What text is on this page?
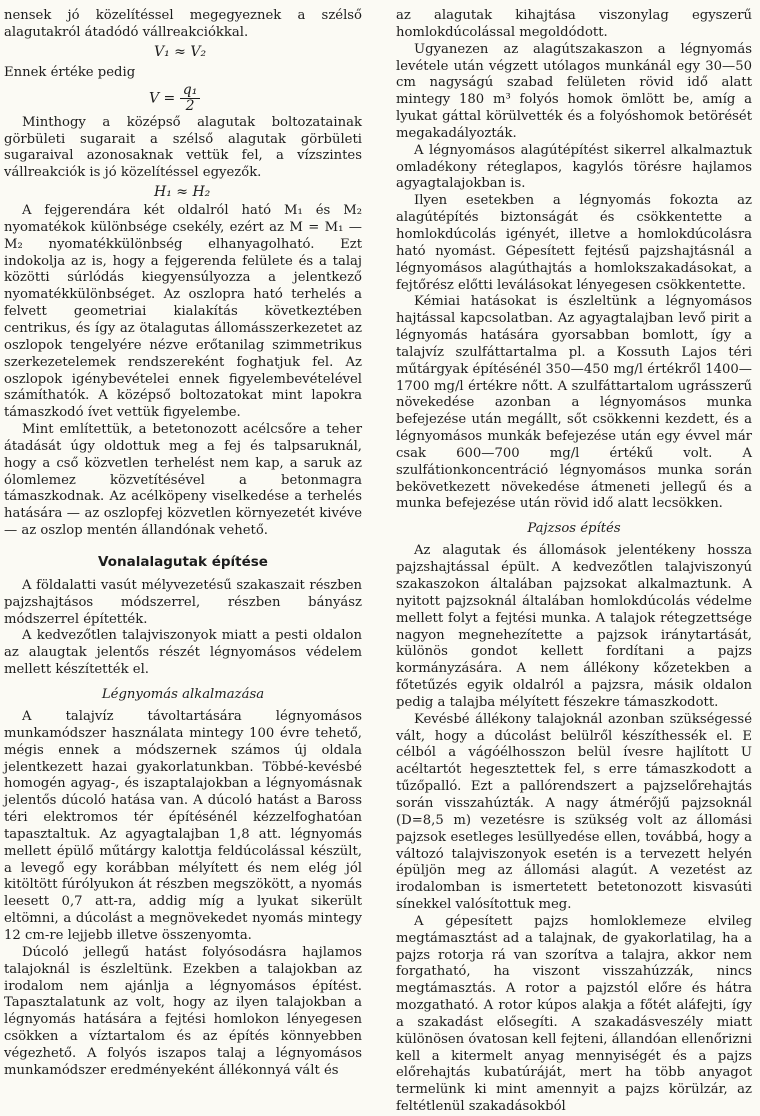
nensek jó közelítéssel megegyeznek a szélső alagutakról átadódó vállreakciókkal.

V₁ ≈ V₂

Ennek értéke pedig

$V = \frac{\text{q₁}}{2}$

Minthogy a középső alagutak boltozatainak görbületi sugarait a szélső alagutak görbületi sugaraival azonosaknak vettük fel, a vízszintes vállreakciók is jó közelítéssel egyezők.

H₁ ≈ H₂

A fejgerendára két oldalról ható M₁ és M₂ nyomatékok különbsége csekély, ezért az M = M₁ — M₂ nyomatékkülönbség elhanyagolható. Ezt indokolja az is, hogy a fejgerenda felülete és a talaj közötti súrlódás kiegyensúlyozza a jelentkező nyomatékkülönbséget. Az oszlopra ható terhelés a felvett geometriai kialakítás következtében centrikus, és így az ötalagutas állomásszerkezetet az oszlopok tengelyére nézve erőtanilag szimmetrikus szerkezetelemek rendszereként foghatjuk fel. Az oszlopok igénybevételei ennek figyelembevételével számíthatók. A középső boltozatokat mint lapokra támaszkodó ívet vettük figyelembe.

Mint említettük, a betetonozott acélcsőre a teher átadását úgy oldottuk meg a fej és talpsaruknál, hogy a cső közvetlen terhelést nem kap, a saruk az ólomlemez közvetítésével a betonmagra támaszkodnak. Az acélköpeny viselkedése a terhelés hatására — az oszlopfej közvetlen környezetét kivéve — az oszlop mentén állandónak vehető.

Vonalalagutak építése

A földalatti vasút mélyvezetésű szakaszait részben pajzshajtásos módszerrel, részben bányász módszerrel építették.

A kedvezőtlen talajviszonyok miatt a pesti oldalon az alaugtak jelentős részét légnyomásos védelem mellett készítették el.

Légnyomás alkalmazása

A talajvíz távoltartására légnyomásos munkamódszer használata mintegy 100 évre tehető, mégis ennek a módszernek számos új oldala jelentkezett hazai gyakorlatunkban. Többé-kevésbé homogén agyag-, és iszaptalajokban a légnyomásnak jelentős dúcoló hatása van. A dúcoló hatást a Baross téri elektromos tér építésénél kézzelfoghatóan tapasztaltuk. Az agyagtalajban 1,8 att. légnyomás mellett épülő műtárgy kalottja feldúcolással készült, a levegő egy korábban mélyített és nem elég jól kitöltött fúrólyukon át részben megszökött, a nyomás leesett 0,7 att-ra, addig míg a lyukat sikerült eltömni, a dúcolást a megnövekedet nyomás mintegy 12 cm-re lejjebb illetve összenyomta.

Dúcoló jellegű hatást folyósodásra hajlamos talajoknál is észleltünk. Ezekben a talajokban az irodalom nem ajánlja a légnyomásos építést. Tapasztalatunk az volt, hogy az ilyen talajokban a légnyomás hatására a fejtési homlokon lényegesen csökken a víztartalom és az építés könnyebben végezhető. A folyós iszapos talaj a légnyomásos munkamódszer eredményeként állékonnyá vált és

az alagutak kihajtása viszonylag egyszerű homlokdúcolással megoldódott.

Ugyanezen az alagútszakaszon a légnyomás levétele után végzett utólagos munkánál egy 30—50 cm nagyságú szabad felületen rövid idő alatt mintegy 180 m³ folyós homok ömlött be, amíg a lyukat gáttal körülvették és a folyóshomok betörését megakadályozták.

A légnyomásos alagútépítést sikerrel alkalmaztuk omladékony réteglapos, kagylós törésre hajlamos agyagtalajokban is.

Ilyen esetekben a légnyomás fokozta az alagútépítés biztonságát és csökkentette a homlokdúcolás igényét, illetve a homlokdúcolásra ható nyomást. Gépesített fejtésű pajzshajtásnál a légnyomásos alagúthajtás a homlokszakadásokat, a fejtőrész előtti leválásokat lényegesen csökkentette.

Kémiai hatásokat is észleltünk a légnyomásos hajtással kapcsolatban. Az agyagtalajban levő pirit a légnyomás hatására gyorsabban bomlott, így a talajvíz szulfáttartalma pl. a Kossuth Lajos téri műtárgyak építésénél 350—450 mg/l értékről 1400—1700 mg/l értékre nőtt. A szulfáttartalom ugrásszerű növekedése azonban a légnyomásos munka befejezése után megállt, sőt csökkenni kezdett, és a légnyomásos munkák befejezése után egy évvel már csak 600—700 mg/l értékű volt. A szulfátionkoncentráció légnyomásos munka során bekövetkezett növekedése átmeneti jellegű és a munka befejezése után rövid idő alatt lecsökken.

Pajzsos építés

Az alagutak és állomások jelentékeny hossza pajzshajtással épült. A kedvezőtlen talajviszonyú szakaszokon általában pajzsokat alkalmaztunk. A nyitott pajzsoknál általában homlokdúcolás védelme mellett folyt a fejtési munka. A talajok rétegzettsége nagyon megnehezítette a pajzsok iránytartását, különös gondot kellett fordítani a pajzs kormányzására. A nem állékony kőzetekben a főtetűzés egyik oldalról a pajzsra, másik oldalon pedig a talajba mélyített fészekre támaszkodott.

Kevésbé állékony talajoknál azonban szükségessé vált, hogy a dúcolást belülről készíthessék el. E célból a vágóélhosszon belül ívesre hajlított U acéltartót hegesztettek fel, s erre támaszkodott a tűzőpalló. Ezt a pallórendszert a pajzselőrehajtás során visszahúzták. A nagy átmérőjű pajzsoknál (D=8,5 m) vezetésre is szükség volt az állomási pajzsok esetleges lesüllyedése ellen, továbbá, hogy a változó talajviszonyok esetén is a tervezett helyén épüljön meg az állomási alagút. A vezetést az irodalomban is ismertetett betetonozott kisvasúti sínekkel valósítottuk meg.

A gépesített pajzs homloklemeze elvileg megtámasztást ad a talajnak, de gyakorlatilag, ha a pajzs rotorja rá van szorítva a talajra, akkor nem forgatható, ha viszont visszahúzzák, nincs megtámasztás. A rotor a pajzstól előre és hátra mozgatható. A rotor kúpos alakja a főtét aláfejti, így a szakadást elősegíti. A szakadásveszély miatt különösen óvatosan kell fejteni, állandóan ellenőrizni kell a kitermelt anyag mennyiségét és a pajzs előrehajtás kubatúráját, mert ha több anyagot termelünk ki mint amennyit a pajzs körülzár, az feltétlenül szakadásokból
